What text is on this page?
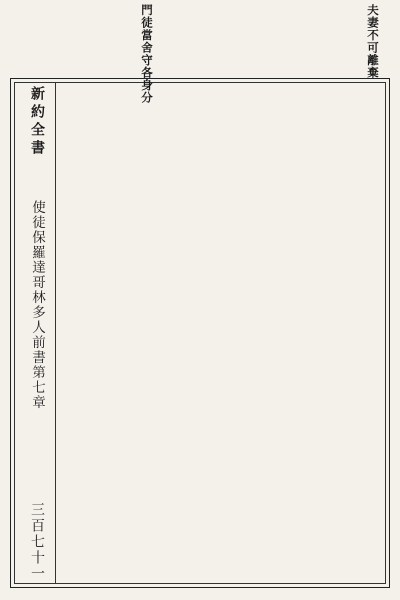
夫妻不可離棄
門徒當舍守各身分
新約全書
使徒保羅達哥林多人前書第七章
三百七十一
